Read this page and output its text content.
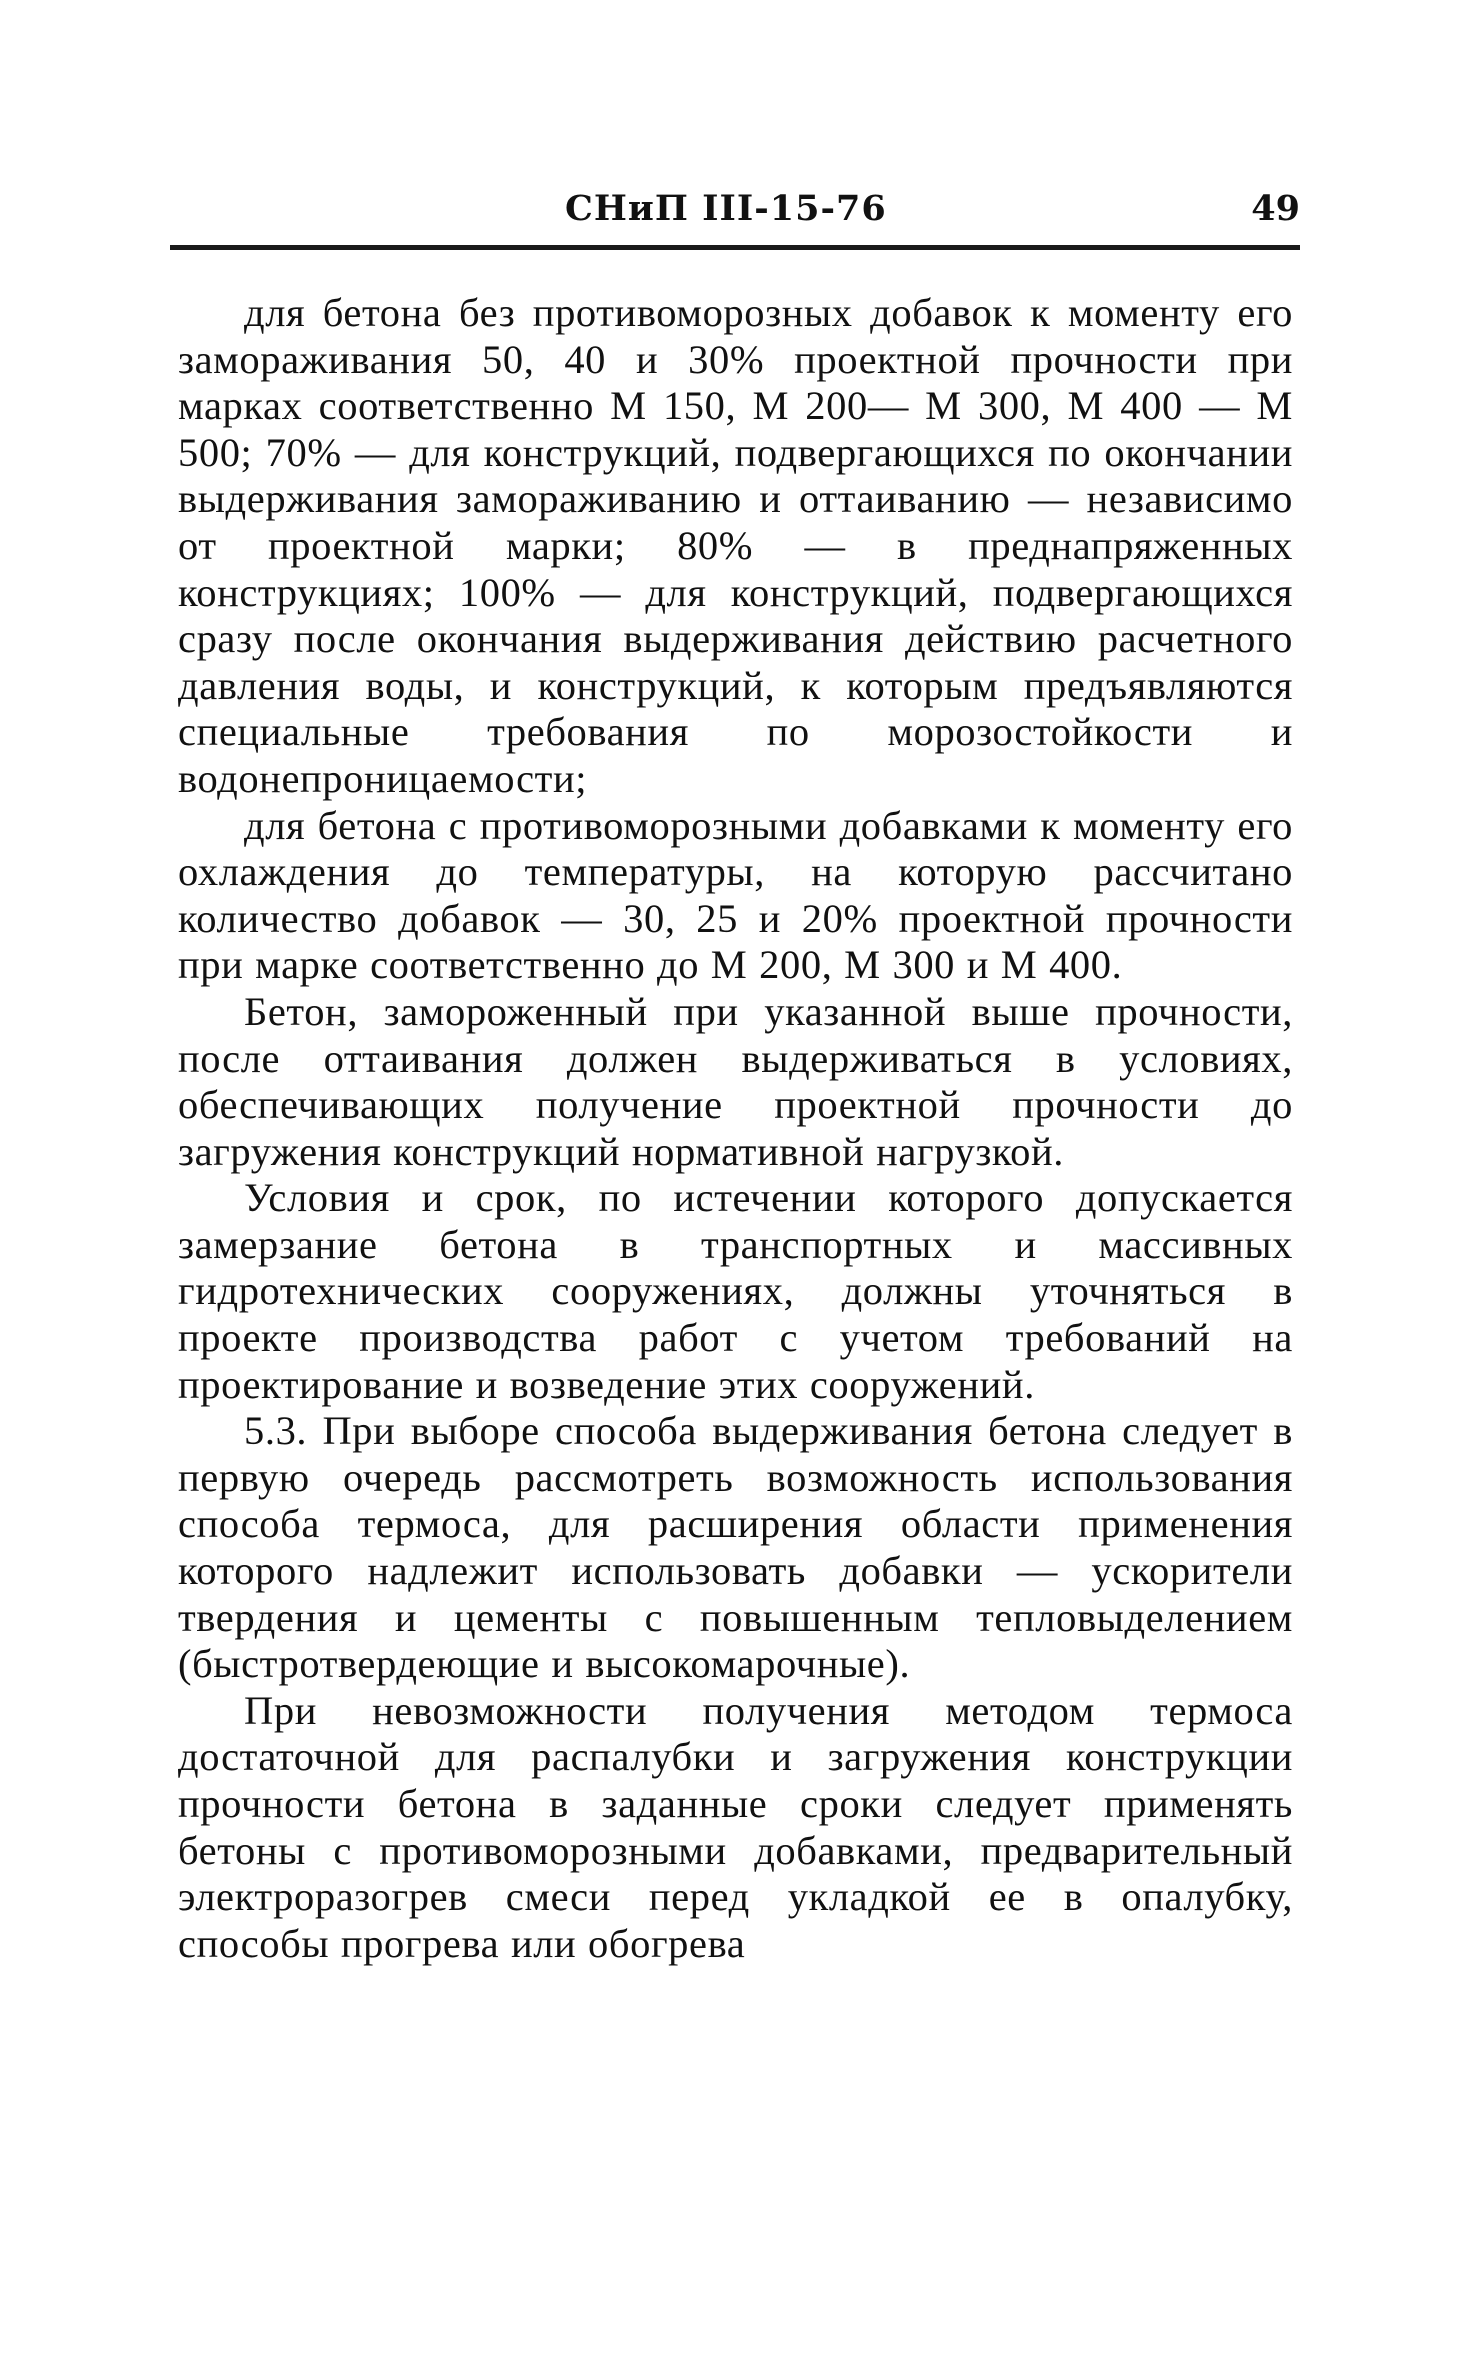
СНиП III-15-76	49

для бетона без противоморозных добавок к моменту его замораживания 50, 40 и 30% проектной прочности при марках соответственно М 150, М 200— М 300, М 400 — М 500; 70% — для конструкций, подвергающихся по окончании выдерживания замораживанию и оттаиванию — независимо от проектной марки; 80% — в преднапряженных конструкциях; 100% — для конструкций, подвергающихся сразу после окончания выдерживания действию расчетного давления воды, и конструкций, к которым предъявляются специальные требования по морозостойкости и водонепроницаемости;

для бетона с противоморозными добавками к моменту его охлаждения до температуры, на которую рассчитано количество добавок — 30, 25 и 20% проектной прочности при марке соответственно до М 200, М 300 и М 400.

Бетон, замороженный при указанной выше прочности, после оттаивания должен выдерживаться в условиях, обеспечивающих получение проектной прочности до загружения конструкций нормативной нагрузкой.

Условия и срок, по истечении которого допускается замерзание бетона в транспортных и массивных гидротехнических сооружениях, должны уточняться в проекте производства работ с учетом требований на проектирование и возведение этих сооружений.

5.3. При выборе способа выдерживания бетона следует в первую очередь рассмотреть возможность использования способа термоса, для расширения области применения которого надлежит использовать добавки — ускорители твердения и цементы с повышенным тепловыделением (быстротвердеющие и высокомарочные).

При невозможности получения методом термоса достаточной для распалубки и загружения конструкции прочности бетона в заданные сроки следует применять бетоны с противоморозными добавками, предварительный электроразогрев смеси перед укладкой ее в опалубку, способы прогрева или обогрева
